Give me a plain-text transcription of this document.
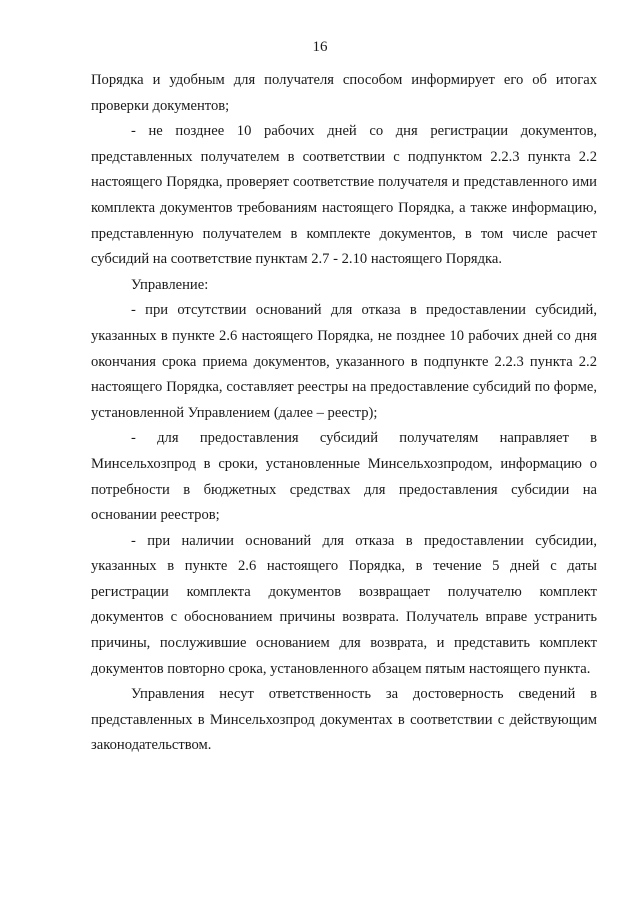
16

Порядка и удобным для получателя способом информирует его об итогах проверки документов;

- не позднее 10 рабочих дней со дня регистрации документов, представленных получателем в соответствии с подпунктом 2.2.3 пункта 2.2 настоящего Порядка, проверяет соответствие получателя и представленного ими комплекта документов требованиям настоящего Порядка, а также информацию, представленную получателем в комплекте документов, в том числе расчет субсидий на соответствие пунктам 2.7 - 2.10 настоящего Порядка.

Управление:

- при отсутствии оснований для отказа в предоставлении субсидий, указанных в пункте 2.6 настоящего Порядка, не позднее 10 рабочих дней со дня окончания срока приема документов, указанного в подпункте 2.2.3 пункта 2.2 настоящего Порядка, составляет реестры на предоставление субсидий по форме, установленной Управлением (далее – реестр);

- для предоставления субсидий получателям направляет в Минсельхозпрод в сроки, установленные Минсельхозпродом, информацию о потребности в бюджетных средствах для предоставления субсидии на основании реестров;

- при наличии оснований для отказа в предоставлении субсидии, указанных в пункте 2.6 настоящего Порядка, в течение 5 дней с даты регистрации комплекта документов возвращает получателю комплект документов с обоснованием причины возврата. Получатель вправе устранить причины, послужившие основанием для возврата, и представить комплект документов повторно срока, установленного абзацем пятым настоящего пункта.

Управления несут ответственность за достоверность сведений в представленных в Минсельхозпрод документах в соответствии с действующим законодательством.
